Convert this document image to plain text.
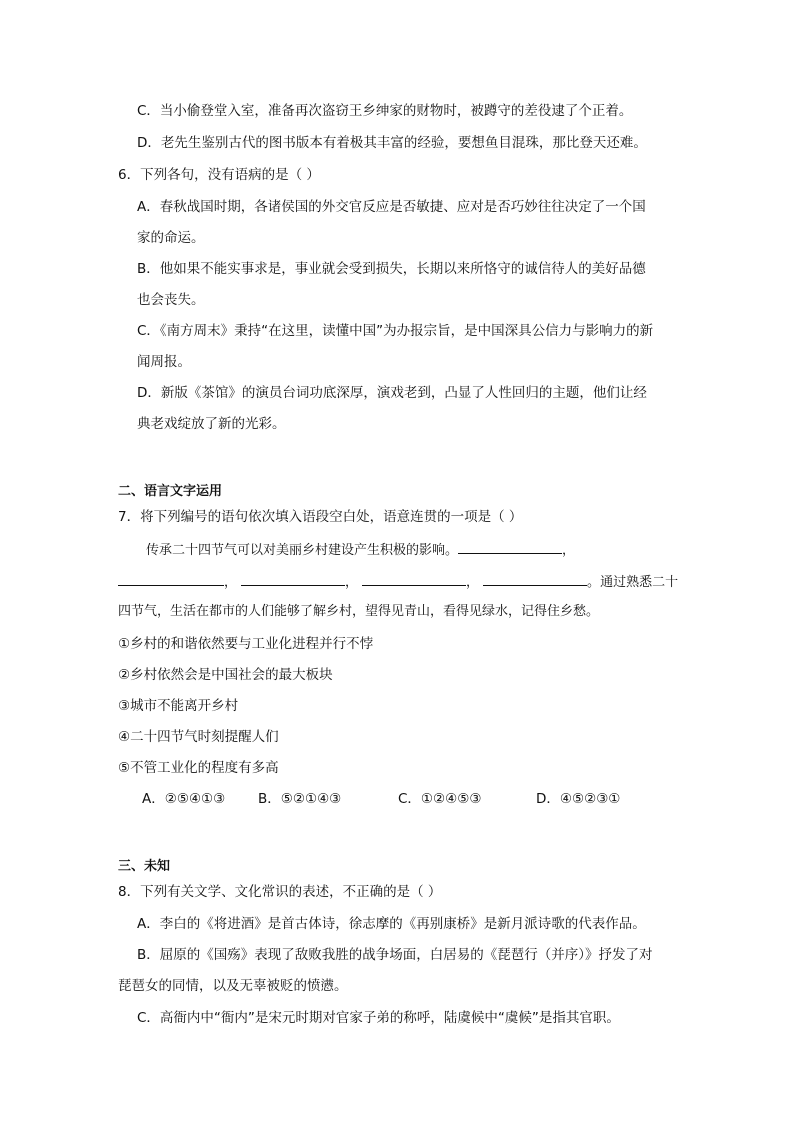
C．当小偷登堂入室，准备再次盗窃王乡绅家的财物时，被蹲守的差役逮了个正着。
D．老先生鉴别古代的图书版本有着极其丰富的经验，要想鱼目混珠，那比登天还难。
6．下列各句，没有语病的是（ ）
A．春秋战国时期，各诸侯国的外交官反应是否敏捷、应对是否巧妙往往决定了一个国
家的命运。
B．他如果不能实事求是，事业就会受到损失，长期以来所恪守的诚信待人的美好品德
也会丧失。
C．《南方周末》秉持“在这里，读懂中国”为办报宗旨，是中国深具公信力与影响力的新
闻周报。
D．新版《茶馆》的演员台词功底深厚，演戏老到，凸显了人性回归的主题，他们让经
典老戏绽放了新的光彩。
二、语言文字运用
7．将下列编号的语句依次填入语段空白处，语意连贯的一项是（ ）
传承二十四节气可以对美丽乡村建设产生积极的影响。	，
，	，	，	。通过熟悉二十
四节气，生活在都市的人们能够了解乡村，望得见青山，看得见绿水，记得住乡愁。
①乡村的和谐依然要与工业化进程并行不悖
②乡村依然会是中国社会的最大板块
③城市不能离开乡村
④二十四节气时刻提醒人们
⑤不管工业化的程度有多高
A．②⑤④①③ B．⑤②①④③	C．①②④⑤③	D．④⑤②③①
三、未知
8．下列有关文学、文化常识的表述，不正确的是（ ）
A．李白的《将进酒》是首古体诗，徐志摩的《再别康桥》是新月派诗歌的代表作品。
B．屈原的《国殇》表现了敌败我胜的战争场面，白居易的《琵琶行（并序）》抒发了对
琵琶女的同情，以及无辜被贬的愤懑。
C．高衙内中“衙内”是宋元时期对官家子弟的称呼，陆虞候中“虞候”是指其官职。
